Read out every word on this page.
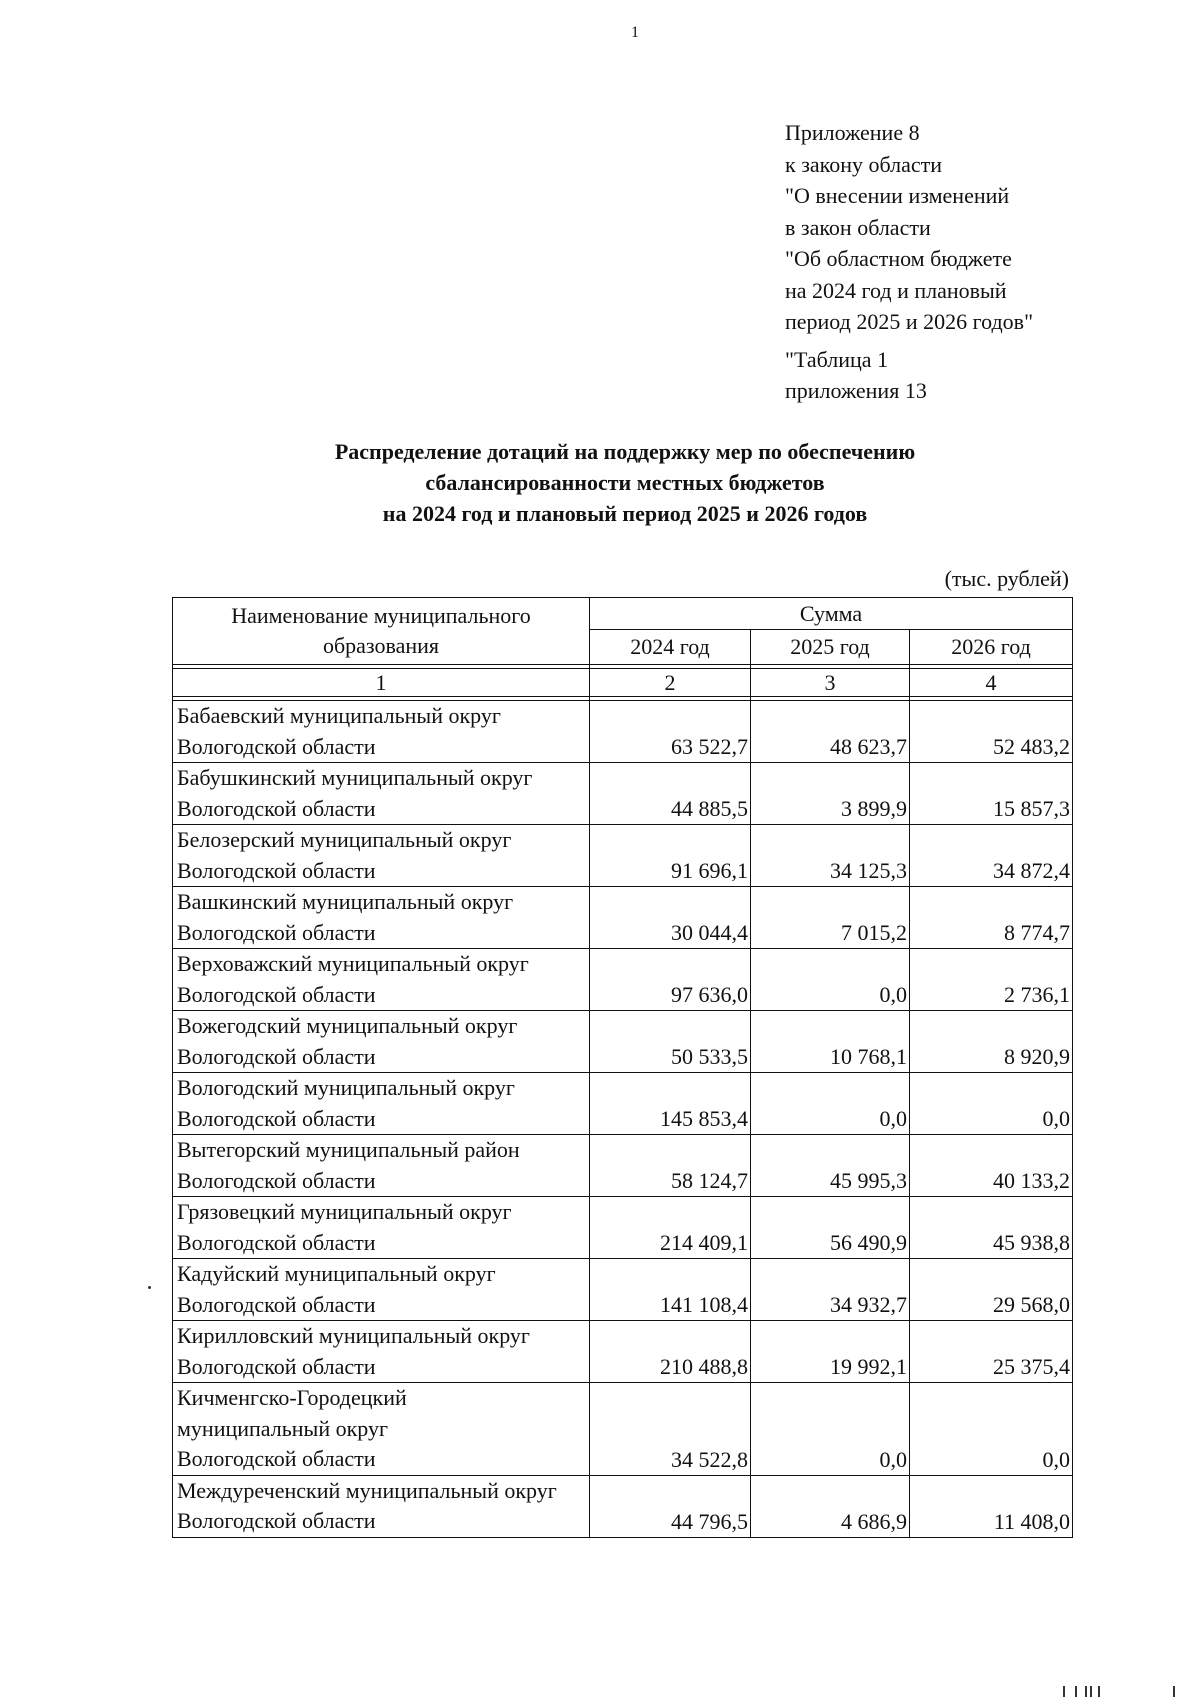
1
Приложение 8
к закону области
"О внесении изменений
в закон области
"Об областном бюджете
на 2024 год и плановый
период 2025 и 2026 годов"
"Таблица 1
приложения 13
Распределение дотаций на поддержку мер по обеспечению
сбалансированности местных бюджетов
на 2024 год и плановый период 2025 и 2026 годов
(тыс. рублей)
Наименование муниципального образования	Сумма		
	2024 год	2025 год	2026 год

1	2	3	4

Бабаевский муниципальный округ
Вологодской области	63 522,7	48 623,7	52 483,2

Бабушкинский муниципальный округ
Вологодской области	44 885,5	3 899,9	15 857,3

Белозерский муниципальный округ
Вологодской области	91 696,1	34 125,3	34 872,4

Вашкинский муниципальный округ
Вологодской области	30 044,4	7 015,2	8 774,7

Верховажский муниципальный округ
Вологодской области	97 636,0	0,0	2 736,1

Вожегодский муниципальный округ
Вологодской области	50 533,5	10 768,1	8 920,9

Вологодский муниципальный округ
Вологодской области	145 853,4	0,0	0,0

Вытегорский муниципальный район
Вологодской области	58 124,7	45 995,3	40 133,2

Грязовецкий муниципальный округ
Вологодской области	214 409,1	56 490,9	45 938,8

Кадуйский муниципальный округ
Вологодской области	141 108,4	34 932,7	29 568,0

Кирилловский муниципальный округ
Вологодской области	210 488,8	19 992,1	25 375,4

Кичменгско-Городецкий
муниципальный округ
Вологодской области	34 522,8	0,0	0,0

Междуреченский муниципальный округ
Вологодской области	44 796,5	4 686,9	11 408,0
